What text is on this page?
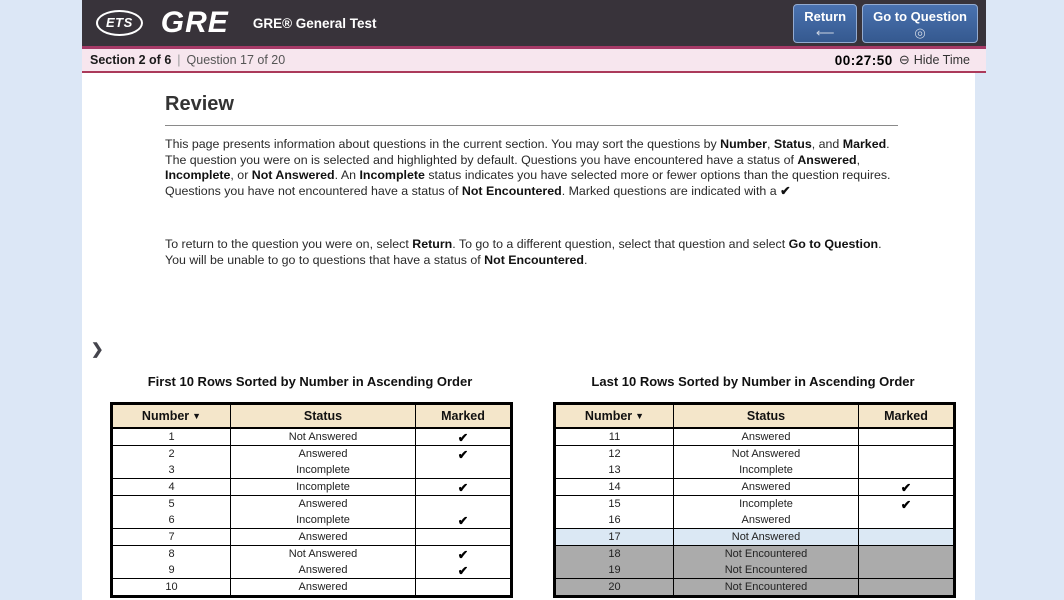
ETS GRE GRE® General Test	Return
⟵
Go to Question
◎
Section 2 of 6 | Question 17 of 20	00:27:50 ⊖ Hide Time
Review
This page presents information about questions in the current section. You may sort the questions by Number, Status, and Marked. The question you were on is selected and highlighted by default. Questions you have encountered have a status of Answered, Incomplete, or Not Answered. An Incomplete status indicates you have selected more or fewer options than the question requires. Questions you have not encountered have a status of Not Encountered. Marked questions are indicated with a ✔
To return to the question you were on, select Return. To go to a different question, select that question and select Go to Question. You will be unable to go to questions that have a status of Not Encountered.
❯
First 10 Rows Sorted by Number in Ascending Order
Number ▼	Status	Marked
1	Not Answered	✔
2	Answered	✔
3	Incomplete	
4	Incomplete	✔
5	Answered	
6	Incomplete	✔
7	Answered	
8	Not Answered	✔
9	Answered	✔
10	Answered	
Last 10 Rows Sorted by Number in Ascending Order
Number ▼	Status	Marked
11	Answered	
12	Not Answered	
13	Incomplete	
14	Answered	✔
15	Incomplete	✔
16	Answered	
17	Not Answered	
18	Not Encountered	
19	Not Encountered	
20	Not Encountered	
